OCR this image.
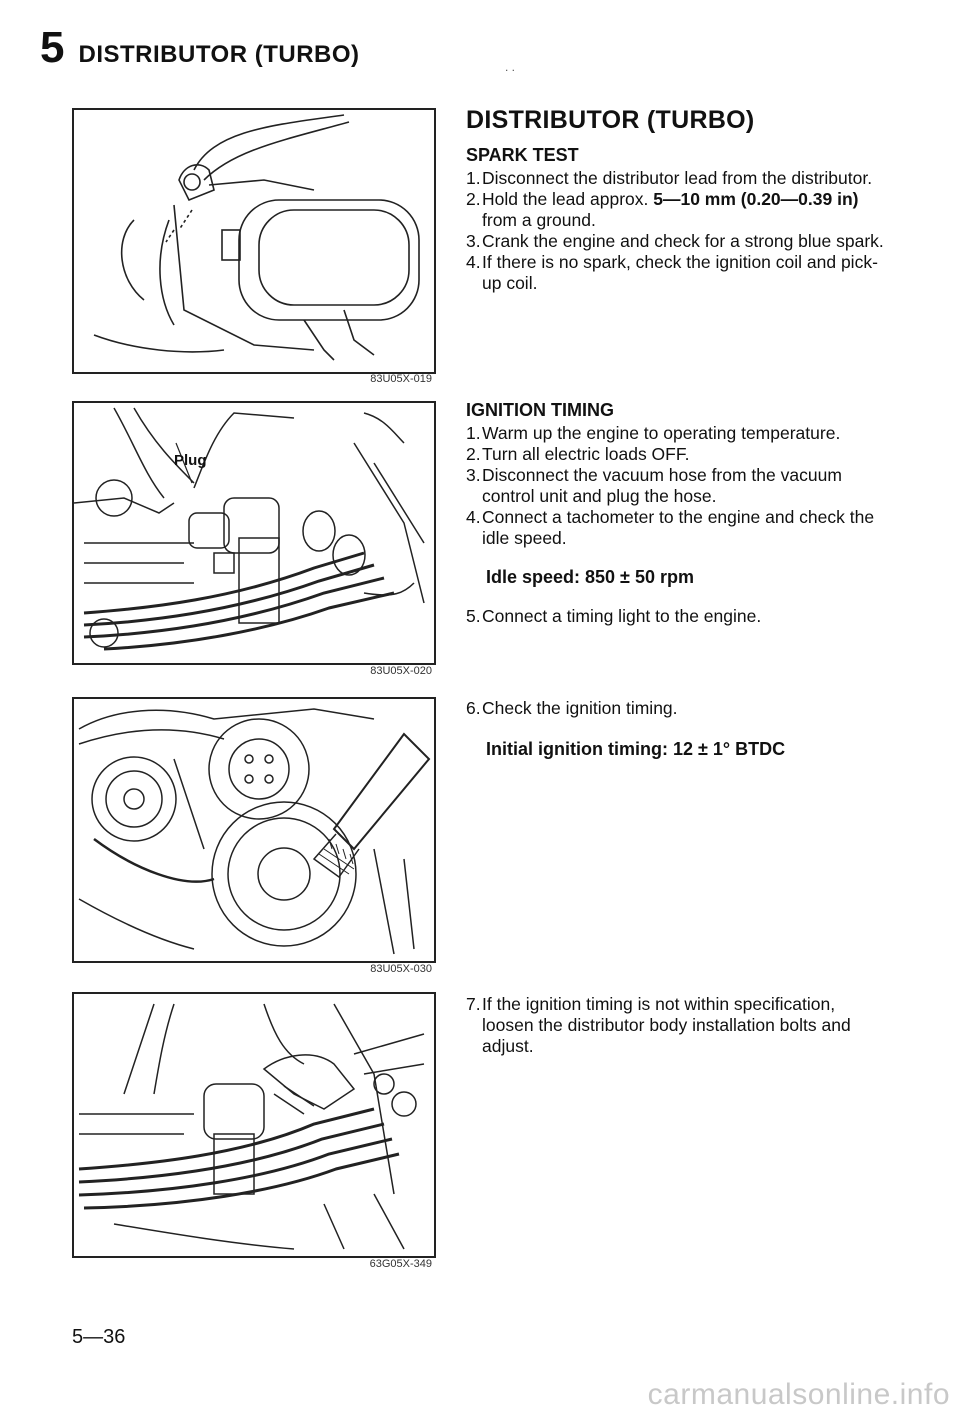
5 DISTRIBUTOR (TURBO)	. .
83U05X-019
Plug
83U05X-020
83U05X-030
63G05X-349
DISTRIBUTOR (TURBO)
SPARK TEST
1. Disconnect the distributor lead from the distributor.
2. Hold the lead approx. 5—10 mm (0.20—0.39 in) from a ground.
3. Crank the engine and check for a strong blue spark.
4. If there is no spark, check the ignition coil and pick-up coil.
IGNITION TIMING
1. Warm up the engine to operating temperature.
2. Turn all electric loads OFF.
3. Disconnect the vacuum hose from the vacuum control unit and plug the hose.
4. Connect a tachometer to the engine and check the idle speed.
Idle speed: 850 ± 50 rpm
5. Connect a timing light to the engine.
6. Check the ignition timing.
Initial ignition timing: 12 ± 1° BTDC
7. If the ignition timing is not within specification, loosen the distributor body installation bolts and adjust.
5—36
carmanualsonline.info
